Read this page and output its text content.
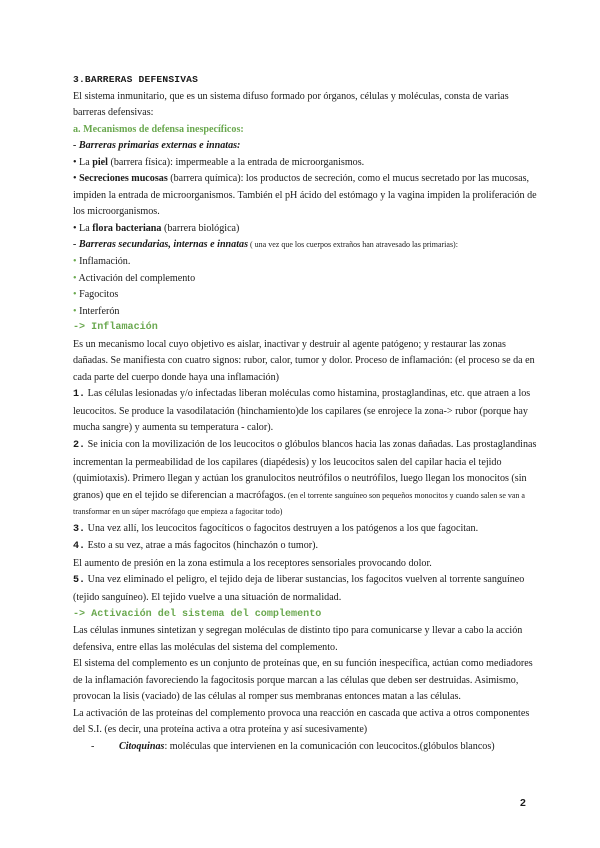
3.BARRERAS DEFENSIVAS
El sistema inmunitario, que es un sistema difuso formado por órganos, células y moléculas, consta de varias barreras defensivas:
a. Mecanismos de defensa inespecíficos:
- Barreras primarias externas e innatas:
• La piel (barrera física): impermeable a la entrada de microorganismos.
• Secreciones mucosas (barrera química): los productos de secreción, como el mucus secretado por las mucosas, impiden la entrada de microorganismos. También el pH ácido del estómago y la vagina impiden la proliferación de los microorganismos.
• La flora bacteriana (barrera biológica)
- Barreras secundarias, internas e innatas ( una vez que los cuerpos extraños han atravesado las primarias):
• Inflamación.
• Activación del complemento
• Fagocitos
• Interferón
-> Inflamación
Es un mecanismo local cuyo objetivo es aislar, inactivar y destruir al agente patógeno; y restaurar las zonas dañadas. Se manifiesta con cuatro signos: rubor, calor, tumor y dolor. Proceso de inflamación: (el proceso se da en cada parte del cuerpo donde haya una inflamación)
1. Las células lesionadas y/o infectadas liberan moléculas como histamina, prostaglandinas, etc. que atraen a los leucocitos. Se produce la vasodilatación (hinchamiento)de los capilares (se enrojece la zona-> rubor (porque hay mucha sangre) y aumenta su temperatura - calor).
2. Se inicia con la movilización de los leucocitos o glóbulos blancos hacia las zonas dañadas. Las prostaglandinas incrementan la permeabilidad de los capilares (diapédesis) y los leucocitos salen del capilar hacia el tejido (quimiotaxis). Primero llegan y actúan los granulocitos neutrófilos o neutrófilos, luego llegan los monocitos (sin granos) que en el tejido se diferencian a macrófagos. (en el torrente sanguíneo son pequeños monocitos y cuando salen se van a transformar en un súper macrófago que empieza a fagocitar todo)
3. Una vez allí, los leucocitos fagocíticos o fagocitos destruyen a los patógenos a los que fagocitan.
4. Esto a su vez, atrae a más fagocitos (hinchazón o tumor).
El aumento de presión en la zona estimula a los receptores sensoriales provocando dolor.
5. Una vez eliminado el peligro, el tejido deja de liberar sustancias, los fagocitos vuelven al torrente sanguíneo (tejido sanguíneo). El tejido vuelve a una situación de normalidad.
-> Activación del sistema del complemento
Las células inmunes sintetizan y segregan moléculas de distinto tipo para comunicarse y llevar a cabo la acción defensiva, entre ellas las moléculas del sistema del complemento.
El sistema del complemento es un conjunto de proteínas que, en su función inespecífica, actúan como mediadores de la inflamación favoreciendo la fagocitosis porque marcan a las células que deben ser destruidas. Asimismo, provocan la lisis (vaciado) de las células al romper sus membranas entonces matan a las células.
La activación de las proteínas del complemento provoca una reacción en cascada que activa a otros componentes del S.I. (es decir, una proteína activa a otra proteína y así sucesivamente)
- Citoquinas: moléculas que intervienen en la comunicación con leucocitos.(glóbulos blancos)
2
